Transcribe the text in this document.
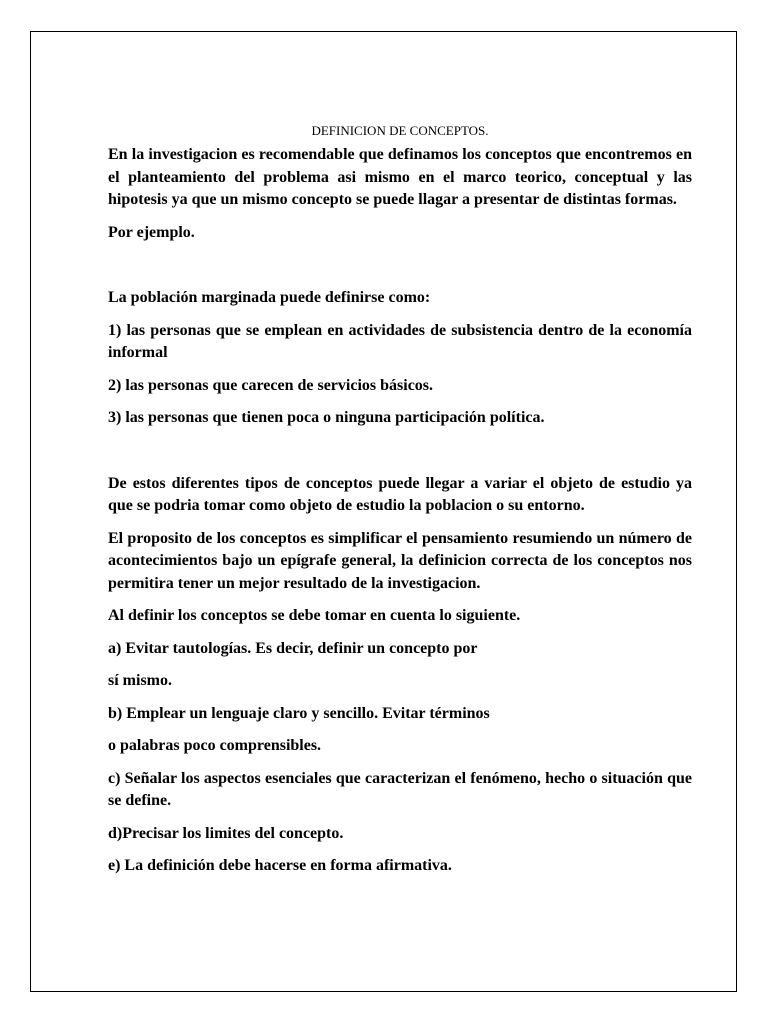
DEFINICION DE CONCEPTOS.

En la investigacion es recomendable que definamos los conceptos que encontremos en el planteamiento del problema asi mismo en el marco teorico, conceptual y las hipotesis ya que un mismo concepto se puede llagar a presentar de distintas formas.

Por ejemplo.

La población marginada puede definirse como:

1) las personas que se emplean en actividades de subsistencia dentro de la economía informal

2) las personas que carecen de servicios básicos.

3) las personas que tienen poca o ninguna participación política.

De estos diferentes tipos de conceptos puede llegar a variar el objeto de estudio ya que se podria tomar como objeto de estudio la poblacion o su entorno.

El proposito de los conceptos es simplificar el pensamiento resumiendo un número de acontecimientos bajo un epígrafe general, la definicion correcta de los conceptos nos permitira tener un mejor resultado de la investigacion.

Al definir los conceptos se debe tomar en cuenta lo siguiente.

a) Evitar tautologías. Es decir, definir un concepto por

sí mismo.

b) Emplear un lenguaje claro y sencillo. Evitar términos

o palabras poco comprensibles.

c) Señalar los aspectos esenciales que caracterizan el fenómeno, hecho o situación que se define.

d)Precisar los limites del concepto.

e) La definición debe hacerse en forma afirmativa.
